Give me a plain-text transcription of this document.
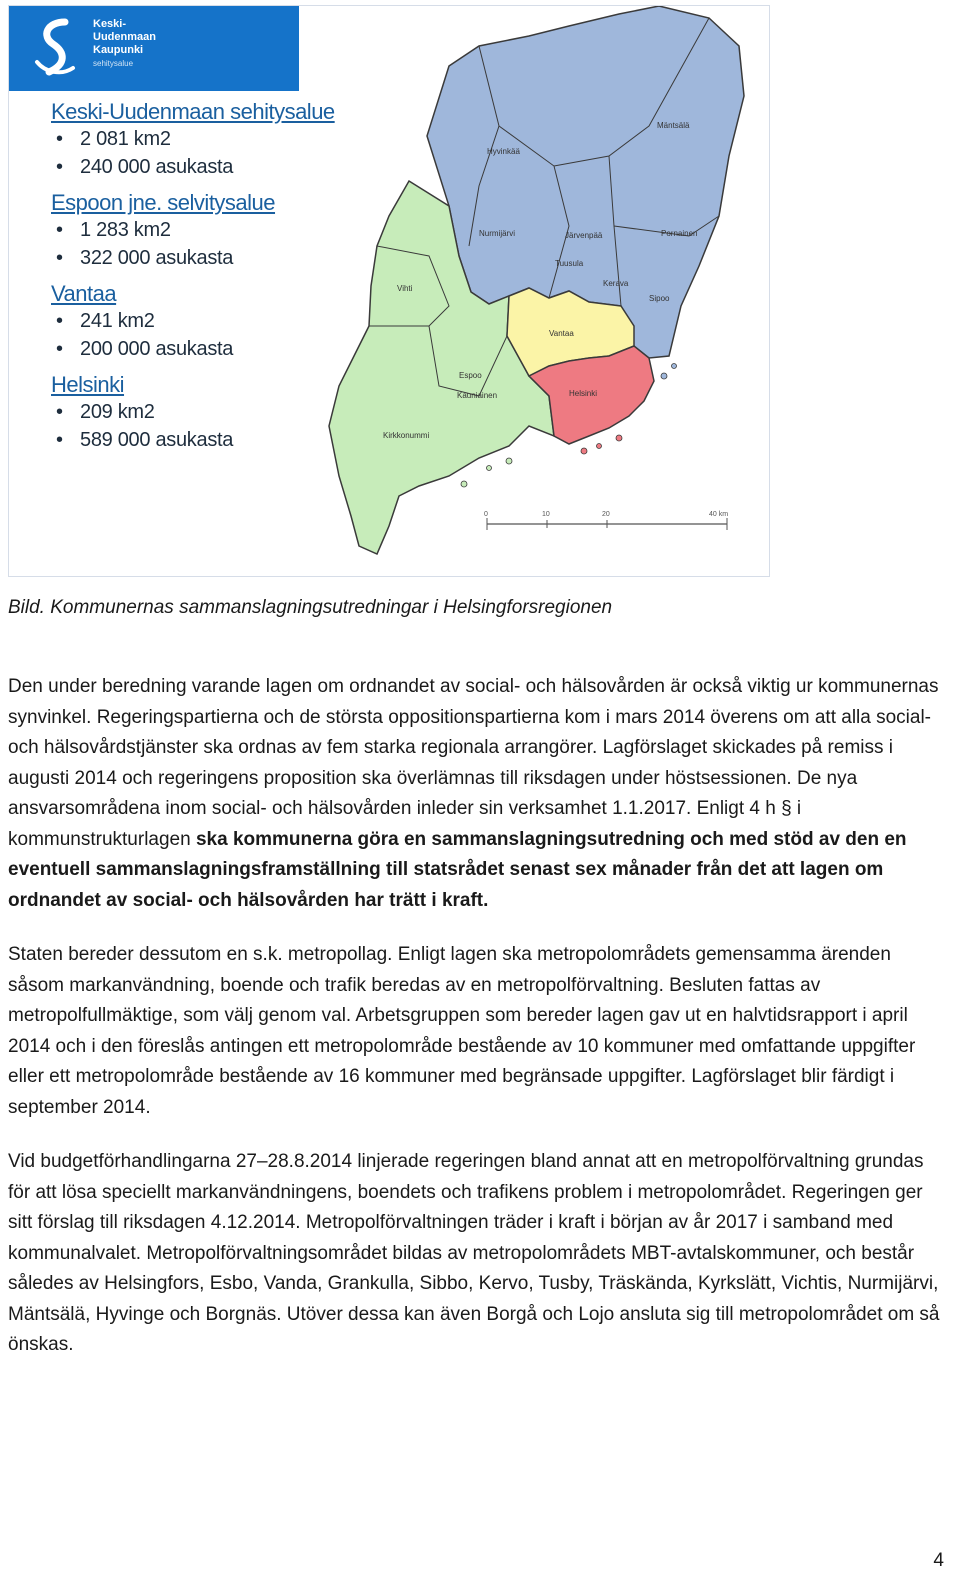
Hyvinkää
Mäntsälä
Nurmijärvi	Järvenpää	Pornainen
Tuusula
Kerava
Sipoo
Vihti
Vantaa
Espoo
Kauniainen
Kirkkonummi
Helsinki
0	10	20	40 km
Keski-
Uudenmaan
Kaupunki
sehitysalue
Keski-Uudenmaan sehitysalue
• 2 081 km2
• 240 000 asukasta
Espoon jne. selvitysalue
• 1 283 km2
• 322 000 asukasta
Vantaa
• 241 km2
• 200 000 asukasta
Helsinki
• 209 km2
• 589 000 asukasta
Bild. Kommunernas sammanslagningsutredningar i Helsingforsregionen

Den under beredning varande lagen om ordnandet av social- och hälsovården är också viktig ur kommunernas synvinkel. Regeringspartierna och de största oppositionspartierna kom i mars 2014 överens om att alla social- och hälsovårdstjänster ska ordnas av fem starka regionala arrangörer. Lagförslaget skickades på remiss i augusti 2014 och regeringens proposition ska överlämnas till riksdagen under höstsessionen. De nya ansvarsområdena inom social- och hälsovården inleder sin verksamhet 1.1.2017. Enligt 4 h § i kommunstrukturlagen ska kommunerna göra en sammanslagningsutredning och med stöd av den en eventuell sammanslagningsframställning till statsrådet senast sex månader från det att lagen om ordnandet av social- och hälsovården har trätt i kraft.

Staten bereder dessutom en s.k. metropollag. Enligt lagen ska metropolområdets gemensamma ärenden såsom markanvändning, boende och trafik beredas av en metropolförvaltning. Besluten fattas av metropolfullmäktige, som välj genom val. Arbetsgruppen som bereder lagen gav ut en halvtidsrapport i april 2014 och i den föreslås antingen ett metropolområde bestående av 10 kommuner med omfattande uppgifter eller ett metropolområde bestående av 16 kommuner med begränsade uppgifter. Lagförslaget blir färdigt i september 2014.

Vid budgetförhandlingarna 27–28.8.2014 linjerade regeringen bland annat att en metropolförvaltning grundas för att lösa speciellt markanvändningens, boendets och trafikens problem i metropolområdet. Regeringen ger sitt förslag till riksdagen 4.12.2014. Metropolförvaltningen träder i kraft i början av år 2017 i samband med kommunalvalet. Metropolförvaltningsområdet bildas av metropolområdets MBT-avtalskommuner, och består således av Helsingfors, Esbo, Vanda, Grankulla, Sibbo, Kervo, Tusby, Träskända, Kyrkslätt, Vichtis, Nurmijärvi, Mäntsälä, Hyvinge och Borgnäs. Utöver dessa kan även Borgå och Lojo ansluta sig till metropolområdet om så önskas.

4
